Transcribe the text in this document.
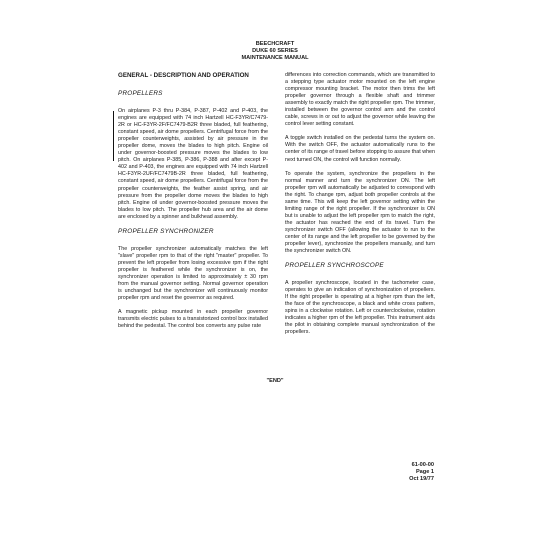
BEECHCRAFT
DUKE 60 SERIES
MAINTENANCE MANUAL
GENERAL - DESCRIPTION AND OPERATION
PROPELLERS

On airplanes P-3 thru P-384, P-387, P-402 and P-403, the engines are equipped with 74 inch Hartzell HC-F3YR/C7479-2R or HC-F3YR-2F/FC7479-B2R three bladed, full feathering, constant speed, air dome propellers. Centrifugal force from the propeller counterweights, assisted by air pressure in the propeller dome, moves the blades to high pitch. Engine oil under governor-boosted pressure moves the blades to low pitch. On airplanes P-385, P-386, P-388 and after except P-402 and P-403, the engines are equipped with 74 inch Hartzell HC-F3YR-2UF/FC7479B-2R three bladed, full feathering, constant speed, air dome propellers. Centrifugal force from the propeller counterweights, the feather assist spring, and air pressure from the propeller dome moves the blades to high pitch. Engine oil under governor-boosted pressure moves the blades to low pitch. The propeller hub area and the air dome are enclosed by a spinner and bulkhead assembly.

PROPELLER SYNCHRONIZER

The propeller synchronizer automatically matches the left "slave" propeller rpm to that of the right "master" propeller. To prevent the left propeller from losing excessive rpm if the right propeller is feathered while the synchronizer is on, the synchronizer operation is limited to approximately ± 30 rpm from the manual governor setting. Normal governor operation is unchanged but the synchronizer will continuously monitor propeller rpm and reset the governor as required.

A magnetic pickup mounted in each propeller governor transmits electric pulses to a transistorized control box installed behind the pedestal. The control box converts any pulse rate

differences into correction commands, which are transmitted to a stepping type actuator motor mounted on the left engine compressor mounting bracket. The motor then trims the left propeller governor through a flexible shaft and trimmer assembly to exactly match the right propeller rpm. The trimmer, installed between the governor control arm and the control cable, screws in or out to adjust the governor while leaving the control lever setting constant.

A toggle switch installed on the pedestal turns the system on. With the switch OFF, the actuator automatically runs to the center of its range of travel before stopping to assure that when next turned ON, the control will function normally.

To operate the system, synchronize the propellers in the normal manner and turn the synchronizer ON. The left propeller rpm will automatically be adjusted to correspond with the right. To change rpm, adjust both propeller controls at the same time. This will keep the left governor setting within the limiting range of the right propeller. If the synchronizer is ON but is unable to adjust the left propeller rpm to match the right, the actuator has reached the end of its travel. Turn the synchronizer switch OFF (allowing the actuator to run to the center of its range and the left propeller to be governed by the propeller lever), synchronize the propellers manually, and turn the synchronizer switch ON.

PROPELLER SYNCHROSCOPE

A propeller synchroscope, located in the tachometer case, operates to give an indication of synchronization of propellers. If the right propeller is operating at a higher rpm than the left, the face of the synchroscope, a black and white cross pattern, spins in a clockwise rotation. Left or counterclockwise, rotation indicates a higher rpm of the left propeller. This instrument aids the pilot in obtaining complete manual synchronization of the propellers.

"END"
61-00-00
Page 1
Oct 19/77
